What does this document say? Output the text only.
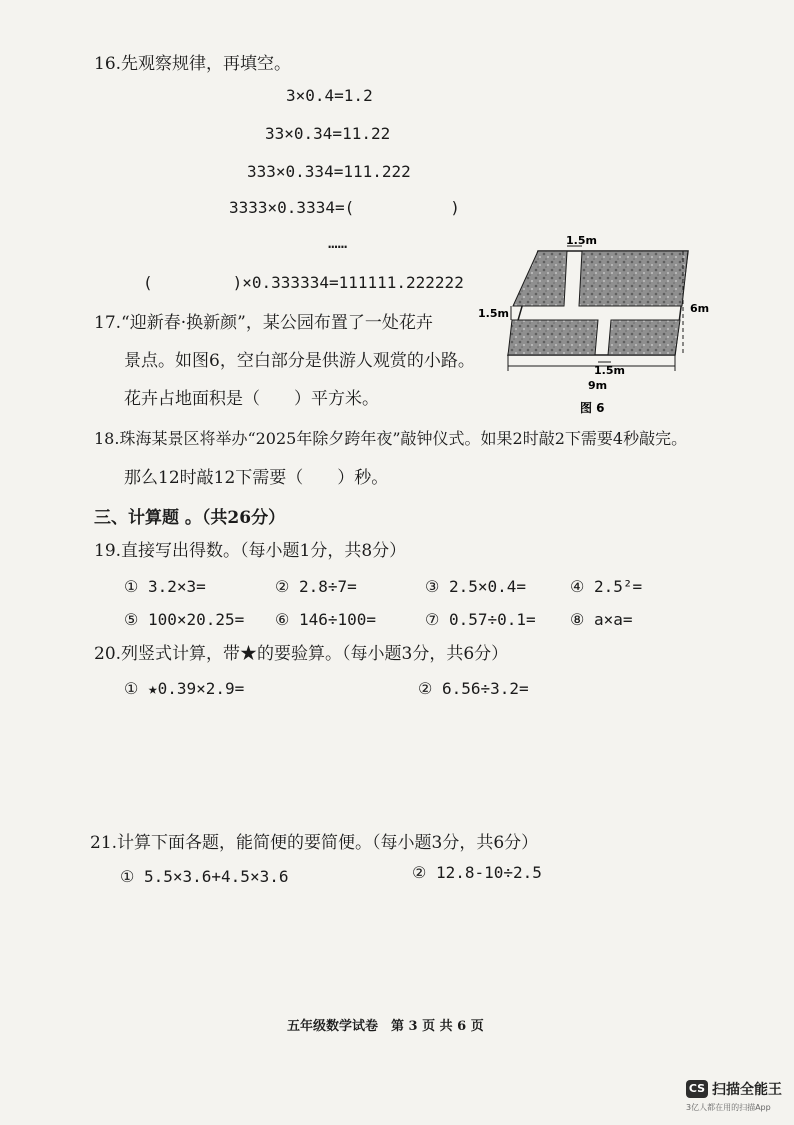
16.先观察规律，再填空。
3×0.4=1.2
33×0.34=11.22
333×0.334=111.222
3333×0.3334=(　　　　　　)
……
(　　　　　)×0.333334=111111.222222
17.“迎新春·换新颜”，某公园布置了一处花卉
景点。如图6，空白部分是供游人观赏的小路。
花卉占地面积是（　　）平方米。
1.5m
1.5m	6m
1.5m
9m
图 6
18.珠海某景区将举办“2025年除夕跨年夜”敲钟仪式。如果2时敲2下需要4秒敲完。
那么12时敲12下需要（　　）秒。
三、计算题 。（共26分）
19.直接写出得数。（每小题1分，共8分）
① 3.2×3=	② 2.8÷7=	③ 2.5×0.4=	④ 2.5²=
⑤ 100×20.25= ⑥ 146÷100=	⑦ 0.57÷0.1= ⑧ a×a=
20.列竖式计算，带★的要验算。（每小题3分，共6分）
① ★0.39×2.9=	② 6.56÷3.2=
21.计算下面各题，能简便的要简便。（每小题3分，共6分）
① 5.5×3.6+4.5×3.6	② 12.8-10÷2.5
五年级数学试卷　第 3 页 共 6 页
CS 扫描全能王
3亿人都在用的扫描App
